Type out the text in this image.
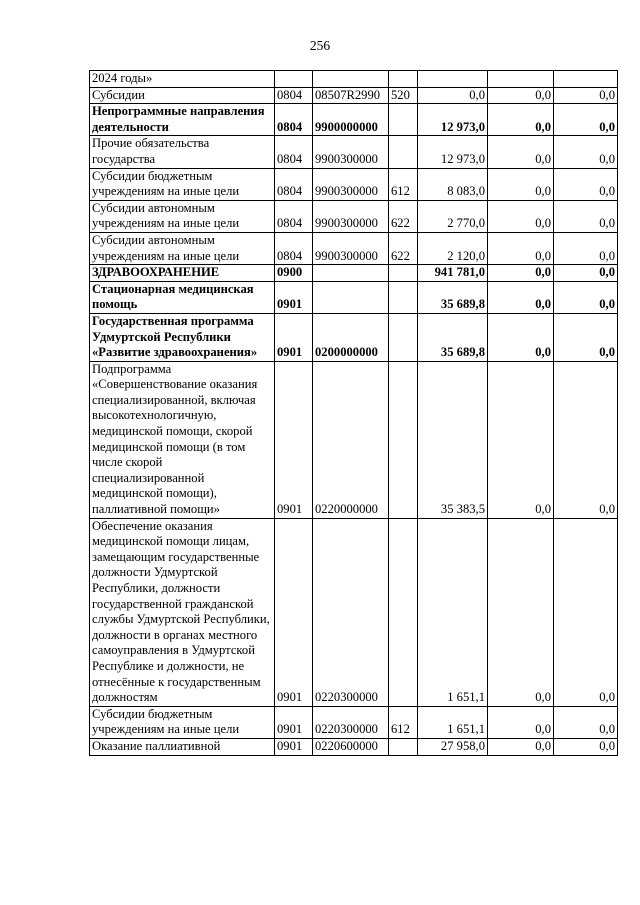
256
2024 годы»						
Субсидии	0804	08507R2990	520	0,0	0,0	0,0
Непрограммные направления деятельности	0804	9900000000		12 973,0	0,0	0,0
Прочие обязательства государства	0804	9900300000		12 973,0	0,0	0,0
Субсидии бюджетным учреждениям на иные цели	0804	9900300000	612	8 083,0	0,0	0,0
Субсидии автономным учреждениям на иные цели	0804	9900300000	622	2 770,0	0,0	0,0
Субсидии автономным учреждениям на иные цели	0804	9900300000	622	2 120,0	0,0	0,0
ЗДРАВООХРАНЕНИЕ	0900			941 781,0	0,0	0,0
Стационарная медицинская помощь	0901			35 689,8	0,0	0,0
Государственная программа Удмуртской Республики «Развитие здравоохранения»	0901	0200000000		35 689,8	0,0	0,0
Подпрограмма «Совершенствование оказания специализированной, включая высокотехнологичную, медицинской помощи, скорой медицинской помощи (в том числе скорой специализированной медицинской помощи), паллиативной помощи»	0901	0220000000		35 383,5	0,0	0,0
Обеспечение оказания медицинской помощи лицам, замещающим государственные должности Удмуртской Республики, должности государственной гражданской службы Удмуртской Республики, должности в органах местного самоуправления в Удмуртской Республике и должности, не отнесённые к государственным должностям	0901	0220300000		1 651,1	0,0	0,0
Субсидии бюджетным учреждениям на иные цели	0901	0220300000	612	1 651,1	0,0	0,0
Оказание паллиативной	0901	0220600000		27 958,0	0,0	0,0
